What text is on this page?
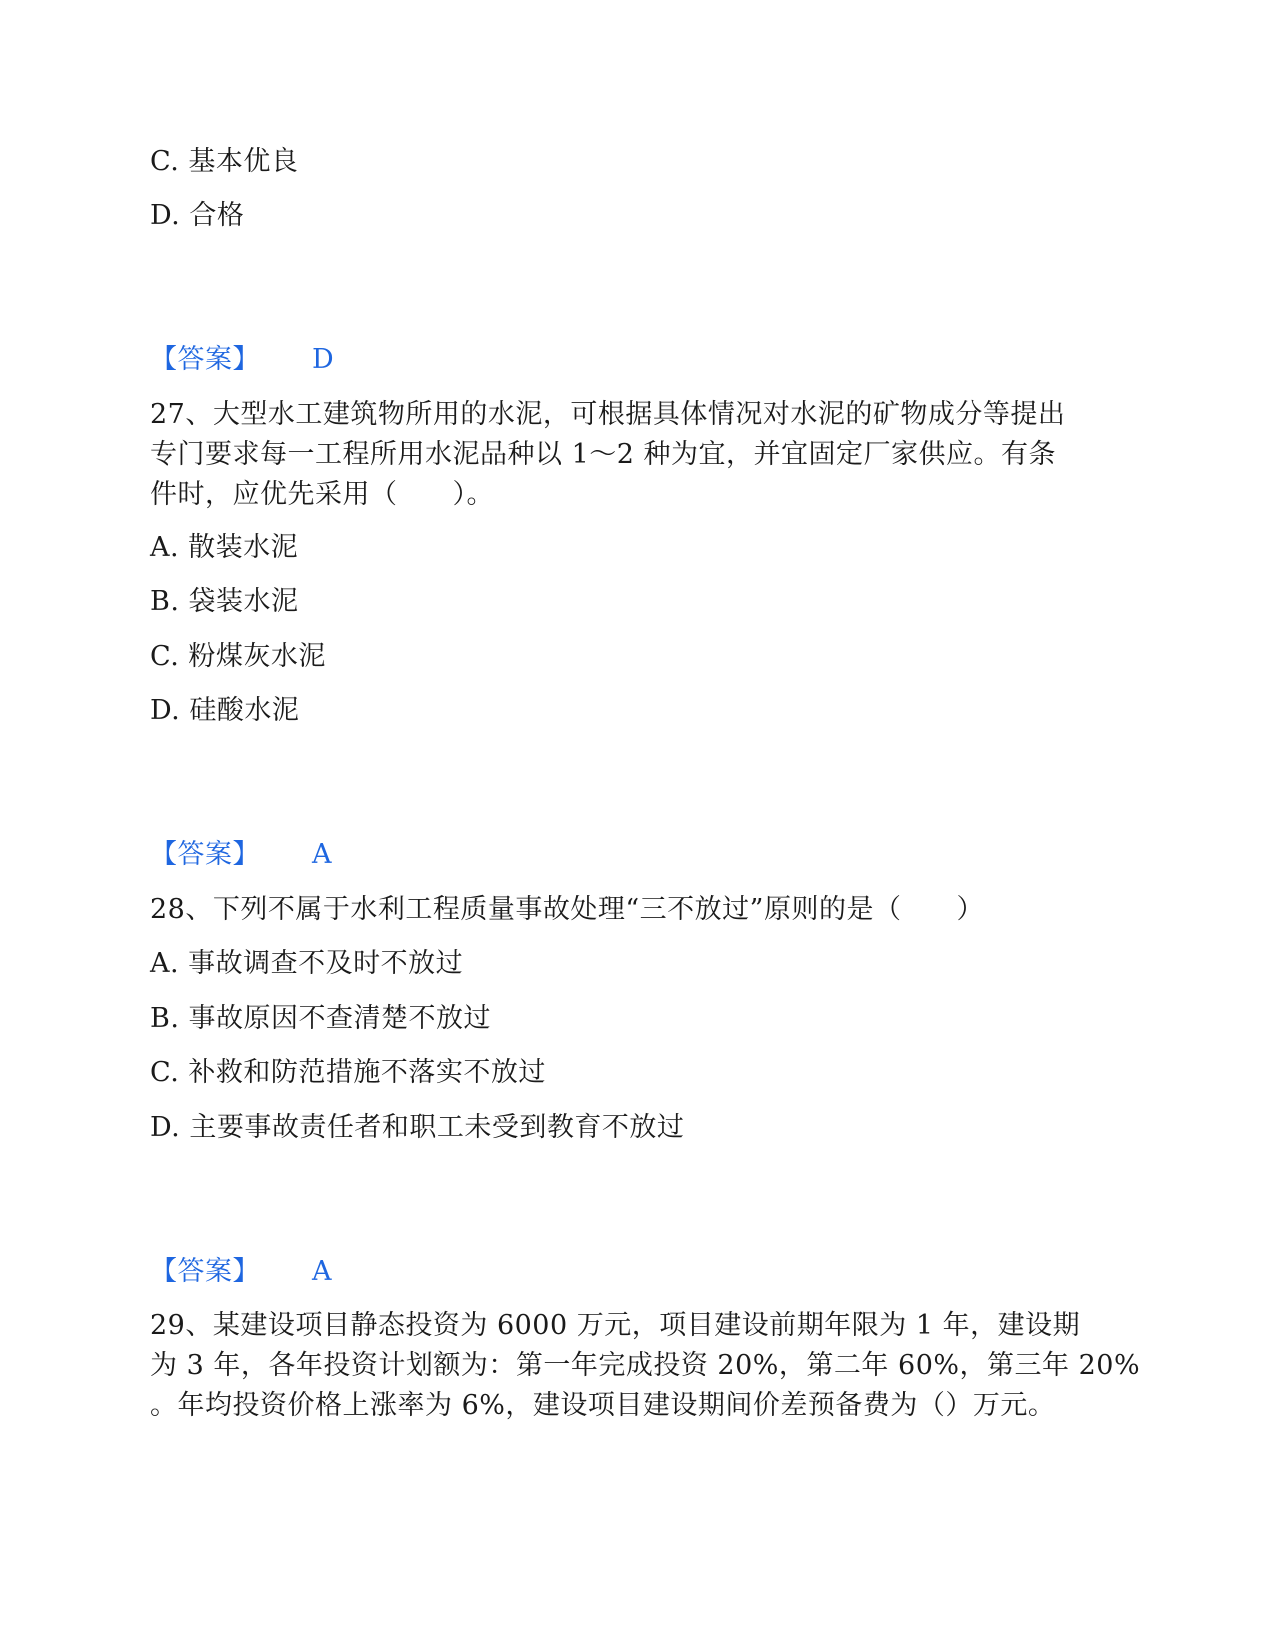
C. 基本优良
D. 合格
【答案】 D
27、大型水工建筑物所用的水泥，可根据具体情况对水泥的矿物成分等提出
专门要求每一工程所用水泥品种以 1～2 种为宜，并宜固定厂家供应。有条
件时，应优先采用（　　）。
A. 散装水泥
B. 袋装水泥
C. 粉煤灰水泥
D. 硅酸水泥
【答案】 A
28、下列不属于水利工程质量事故处理“三不放过”原则的是（　　）
A. 事故调查不及时不放过
B. 事故原因不查清楚不放过
C. 补救和防范措施不落实不放过
D. 主要事故责任者和职工未受到教育不放过
【答案】 A
29、某建设项目静态投资为 6000 万元，项目建设前期年限为 1 年，建设期
为 3 年，各年投资计划额为：第一年完成投资 20%，第二年 60%，第三年 20%
。年均投资价格上涨率为 6%，建设项目建设期间价差预备费为（）万元。
